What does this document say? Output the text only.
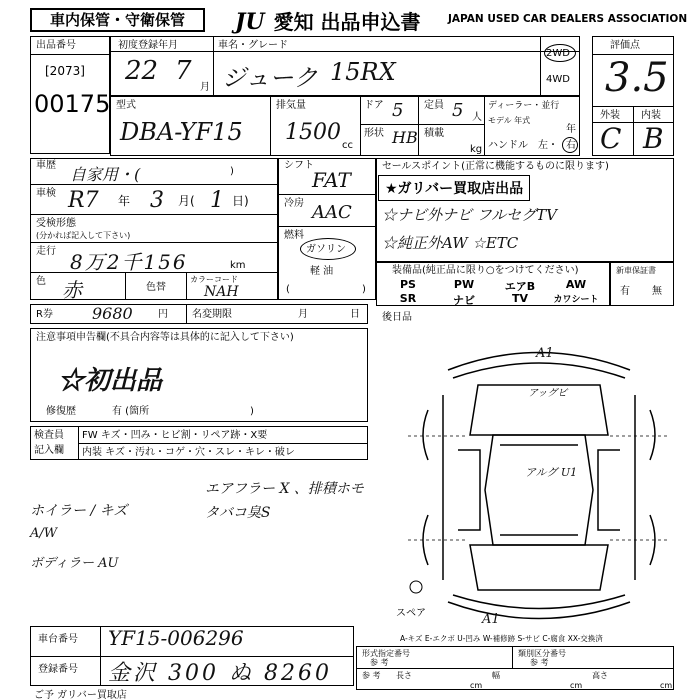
車内保管・守衛保管	JU 愛知 出品申込書	JAPAN USED CAR DEALERS ASSOCIATION
出品番号
[2073]
00175
初度登録年月	車名・グレード
22 7
月 ジューク 15RX
2WD
4WD
評価点
3.5
外装 内装
C B
型式
DBA-YF15
排気量
1500
cc
ドア 5 定員 5 人
形状 HB 積載
kg
ディーラー・並行
モデル 年式
年
ハンドル 左・ 右
車歴 自家用・(	)
車検 R7 年 3 月( 1 日)
受検形態
(分かれば記入して下さい)
走行 8万2千156	km
色 赤	色替
カラーコード
NAH
シフト
FAT
冷房 AAC
燃料
ガソリン
軽 油
(	)
セールスポイント(正常に機能するものに限ります)
★ガリバー買取店出品
☆ナビ外ナビ フルセグTV
☆純正外AW ☆ETC
装備品(純正品に限り○をつけてください)
PS	PW	エアB	AW
SR	ナビ	TV	カワシート
新車保証書
有 無
R券 9680	円 名変期限	月	日
注意事項申告欄(不具合内容等は具体的に記入して下さい)
☆初出品
修復歴	有 (箇所	)
後日品
検査員
記入欄
FW キズ・凹み・ヒビ割・リペア跡・X要
内装 キズ・汚れ・コゲ・穴・スレ・キレ・破レ
エアフラー X 、排積ホモ
タバコ臭S
ホイラー / キズ
A/W
ボディラー AU
A1
アッグビ
アルグ U1
スペア	A1
A-キズ E-エクボ U-凹み W-補修跡 S-サビ C-腐食 XX-交換済
車台番号 YF15-006296
登録番号 金沢 300 ぬ 8260
形式指定番号
参 考
類別区分番号
参 考
参 考 長さ
cm
幅
cm
高さ
cm
ご予 ガリバー買取店
